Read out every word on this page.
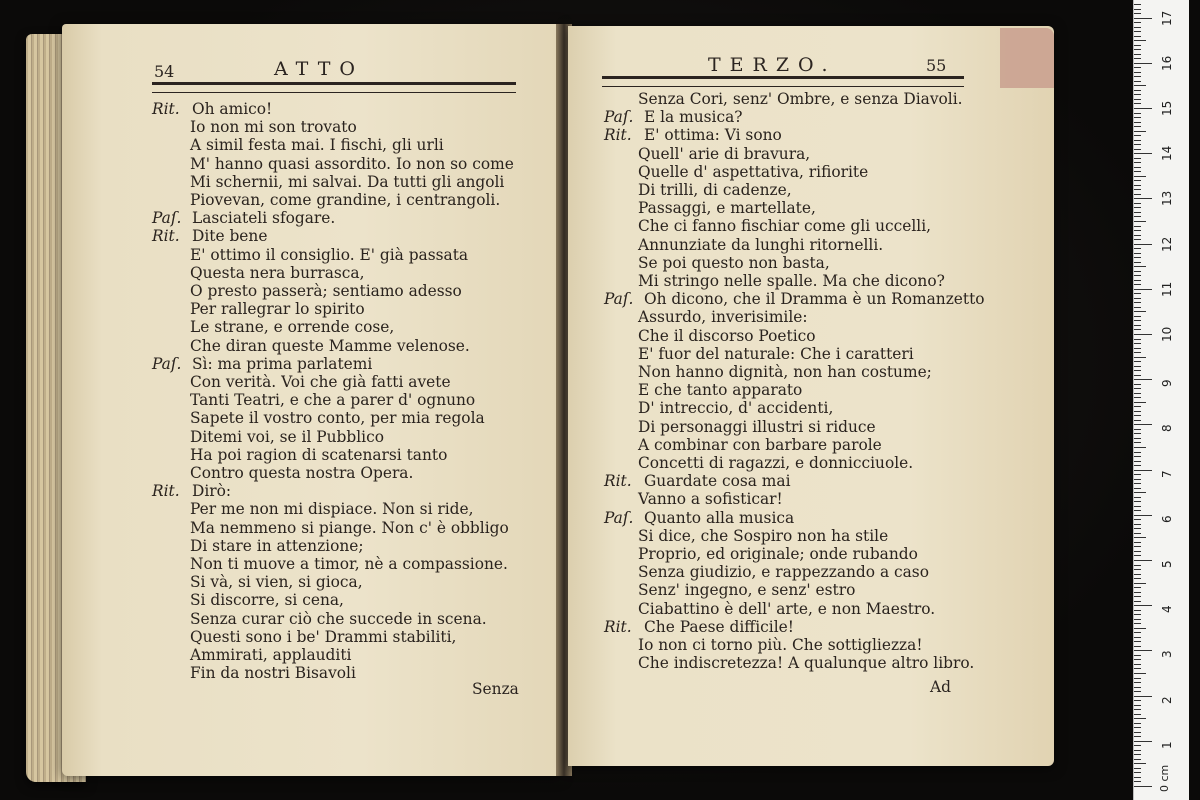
54	ATTO
Rit. Oh amico!
Io non mi son trovato
A simil festa mai. I fischi, gli urli
M' hanno quasi assordito. Io non so come
Mi schernii, mi salvai. Da tutti gli angoli
Piovevan, come grandine, i centrangoli.
Paſ. Lasciateli sfogare.
Rit. Dite bene
E' ottimo il consiglio. E' già passata
Questa nera burrasca,
O presto passerà; sentiamo adesso
Per rallegrar lo spirito
Le strane, e orrende cose,
Che diran queste Mamme velenose.
Paſ. Sì: ma prima parlatemi
Con verità. Voi che già fatti avete
Tanti Teatri, e che a parer d' ognuno
Sapete il vostro conto, per mia regola
Ditemi voi, se il Pubblico
Ha poi ragion di scatenarsi tanto
Contro questa nostra Opera.
Rit. Dirò:
Per me non mi dispiace. Non si ride,
Ma nemmeno si piange. Non c' è obbligo
Di stare in attenzione;
Non ti muove a timor, nè a compassione.
Si và, si vien, si gioca,
Si discorre, si cena,
Senza curar ciò che succede in scena.
Questi sono i be' Drammi stabiliti,
Ammirati, applauditi
Fin da nostri Bisavoli
Senza
TERZO.	55
Senza Cori, senz' Ombre, e senza Diavoli.
Paſ. E la musica?
Rit. E' ottima: Vi sono
Quell' arie di bravura,
Quelle d' aspettativa, rifiorite
Di trilli, di cadenze,
Passaggi, e martellate,
Che ci fanno fischiar come gli uccelli,
Annunziate da lunghi ritornelli.
Se poi questo non basta,
Mi stringo nelle spalle. Ma che dicono?
Paſ. Oh dicono, che il Dramma è un Romanzetto
Assurdo, inverisimile:
Che il discorso Poetico
E' fuor del naturale: Che i caratteri
Non hanno dignità, non han costume;
E che tanto apparato
D' intreccio, d' accidenti,
Di personaggi illustri si riduce
A combinar con barbare parole
Concetti di ragazzi, e donnicciuole.
Rit. Guardate cosa mai
Vanno a sofisticar!
Paſ. Quanto alla musica
Si dice, che Sospiro non ha stile
Proprio, ed originale; onde rubando
Senza giudizio, e rappezzando a caso
Senz' ingegno, e senz' estro
Ciabattino è dell' arte, e non Maestro.
Rit. Che Paese difficile!
Io non ci torno più. Che sottigliezza!
Che indiscretezza! A qualunque altro libro.
Ad
0 cm
17
16
15
14
13
12
11
10
9
8
7
6
5
4
3
2
1
